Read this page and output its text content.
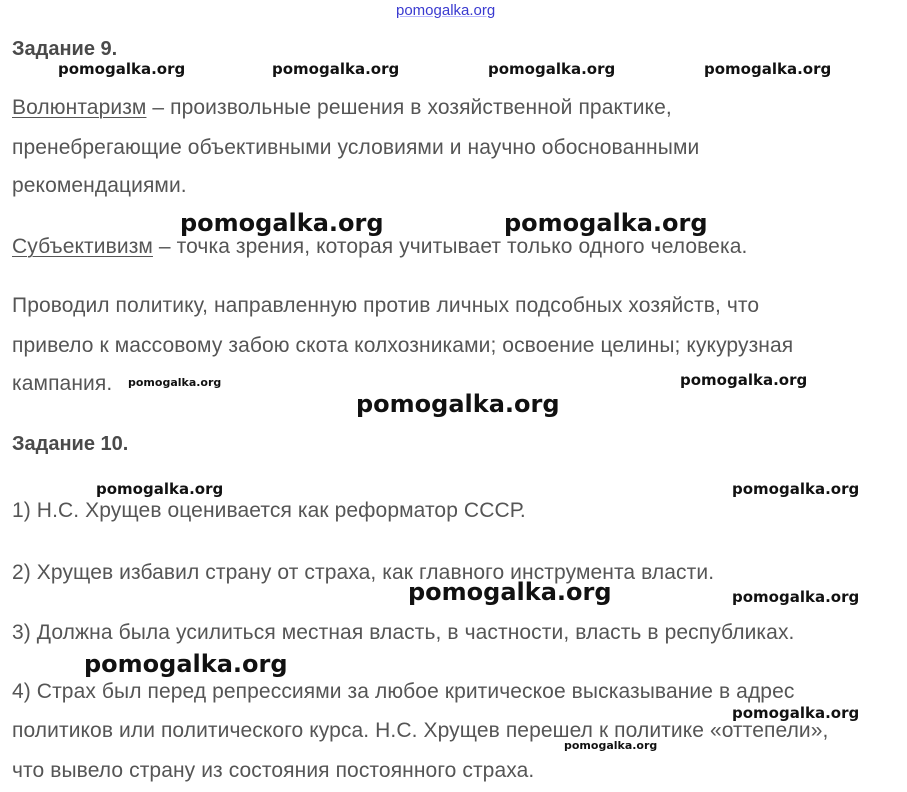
pomogalka.org
Задание 9.
Волюнтаризм – произвольные решения в хозяйственной практике,
пренебрегающие объективными условиями и научно обоснованными
рекомендациями.
Субъективизм – точка зрения, которая учитывает только одного человека.
Проводил политику, направленную против личных подсобных хозяйств, что
привело к массовому забою скота колхозниками; освоение целины; кукурузная
кампания.
Задание 10.
1) Н.С. Хрущев оценивается как реформатор СССР.
2) Хрущев избавил страну от страха, как главного инструмента власти.
3) Должна была усилиться местная власть, в частности, власть в республиках.
4) Страх был перед репрессиями за любое критическое высказывание в адрес
политиков или политического курса. Н.С. Хрущев перешел к политике «оттепели»,
что вывело страну из состояния постоянного страха.
pomogalka.org	pomogalka.org	pomogalka.org	pomogalka.org
pomogalka.org	pomogalka.org
pomogalka.org	pomogalka.org
pomogalka.org
pomogalka.org	pomogalka.org
pomogalka.org	pomogalka.org
pomogalka.org
pomogalka.org
pomogalka.org
